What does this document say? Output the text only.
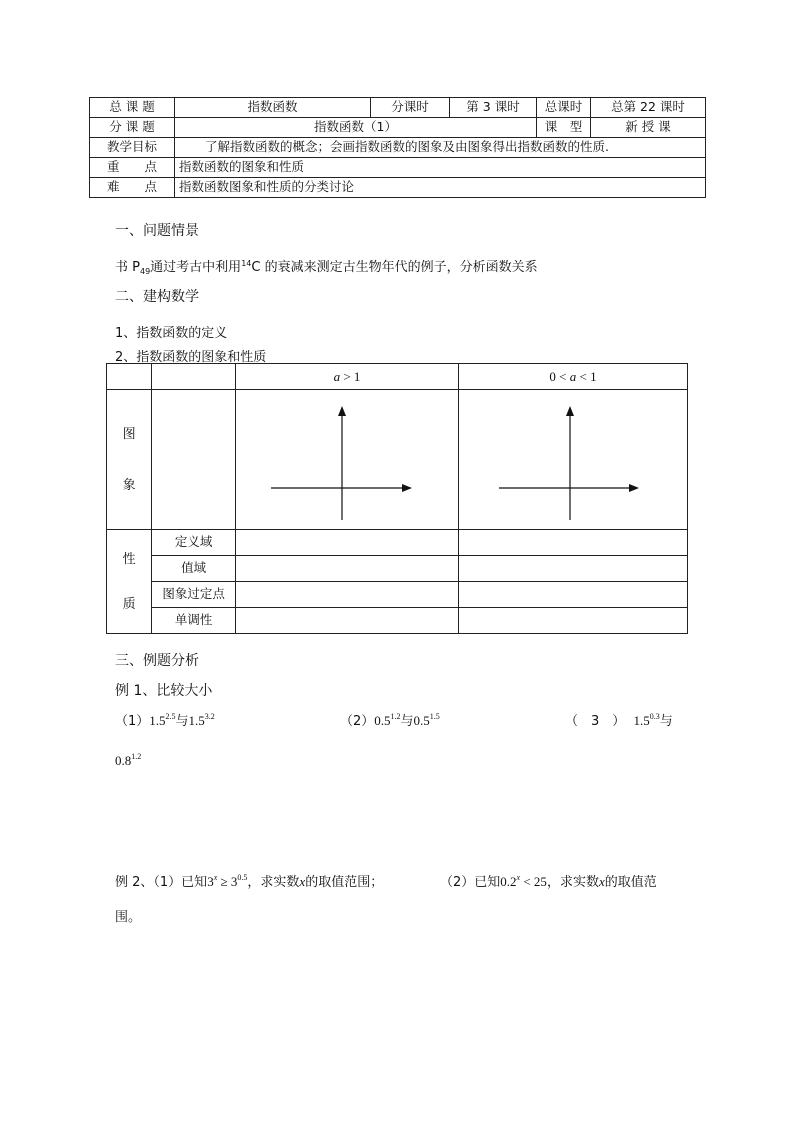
总 课 题	指数函数	分课时	第 3 课时	总课时	总第 22 课时
分 课 题	指数函数（1）			课　型	新 授 课
教学目标	了解指数函数的概念；会画指数函数的图象及由图象得出指数函数的性质.				
重　　点	指数函数的图象和性质				
难　　点	指数函数图象和性质的分类讨论				
一、问题情景
书 $P_{49}$通过考古中利用$^{14}$C 的衰减来测定古生物年代的例子，分析函数关系
二、建构数学
1、指数函数的定义
2、指数函数的图象和性质
		a > 1	0 < a < 1

图
象

性
质	定义域		
	值域		
	图象过定点		
	单调性		
三、例题分析
例 1、比较大小
$(1)1.5^{2.5}$与$1.5^{3.2}$	$(2)0.5^{1.2}$与$0.5^{1.5}$	（　3　） $1.5^{0.3}$与
$0.8^{1.2}$
例 2、（1）已知$3^x \ge 3^{0.5}$，求实数x的取值范围；	（2）已知$0.2^x < 25$，求实数x的取值范
围。
